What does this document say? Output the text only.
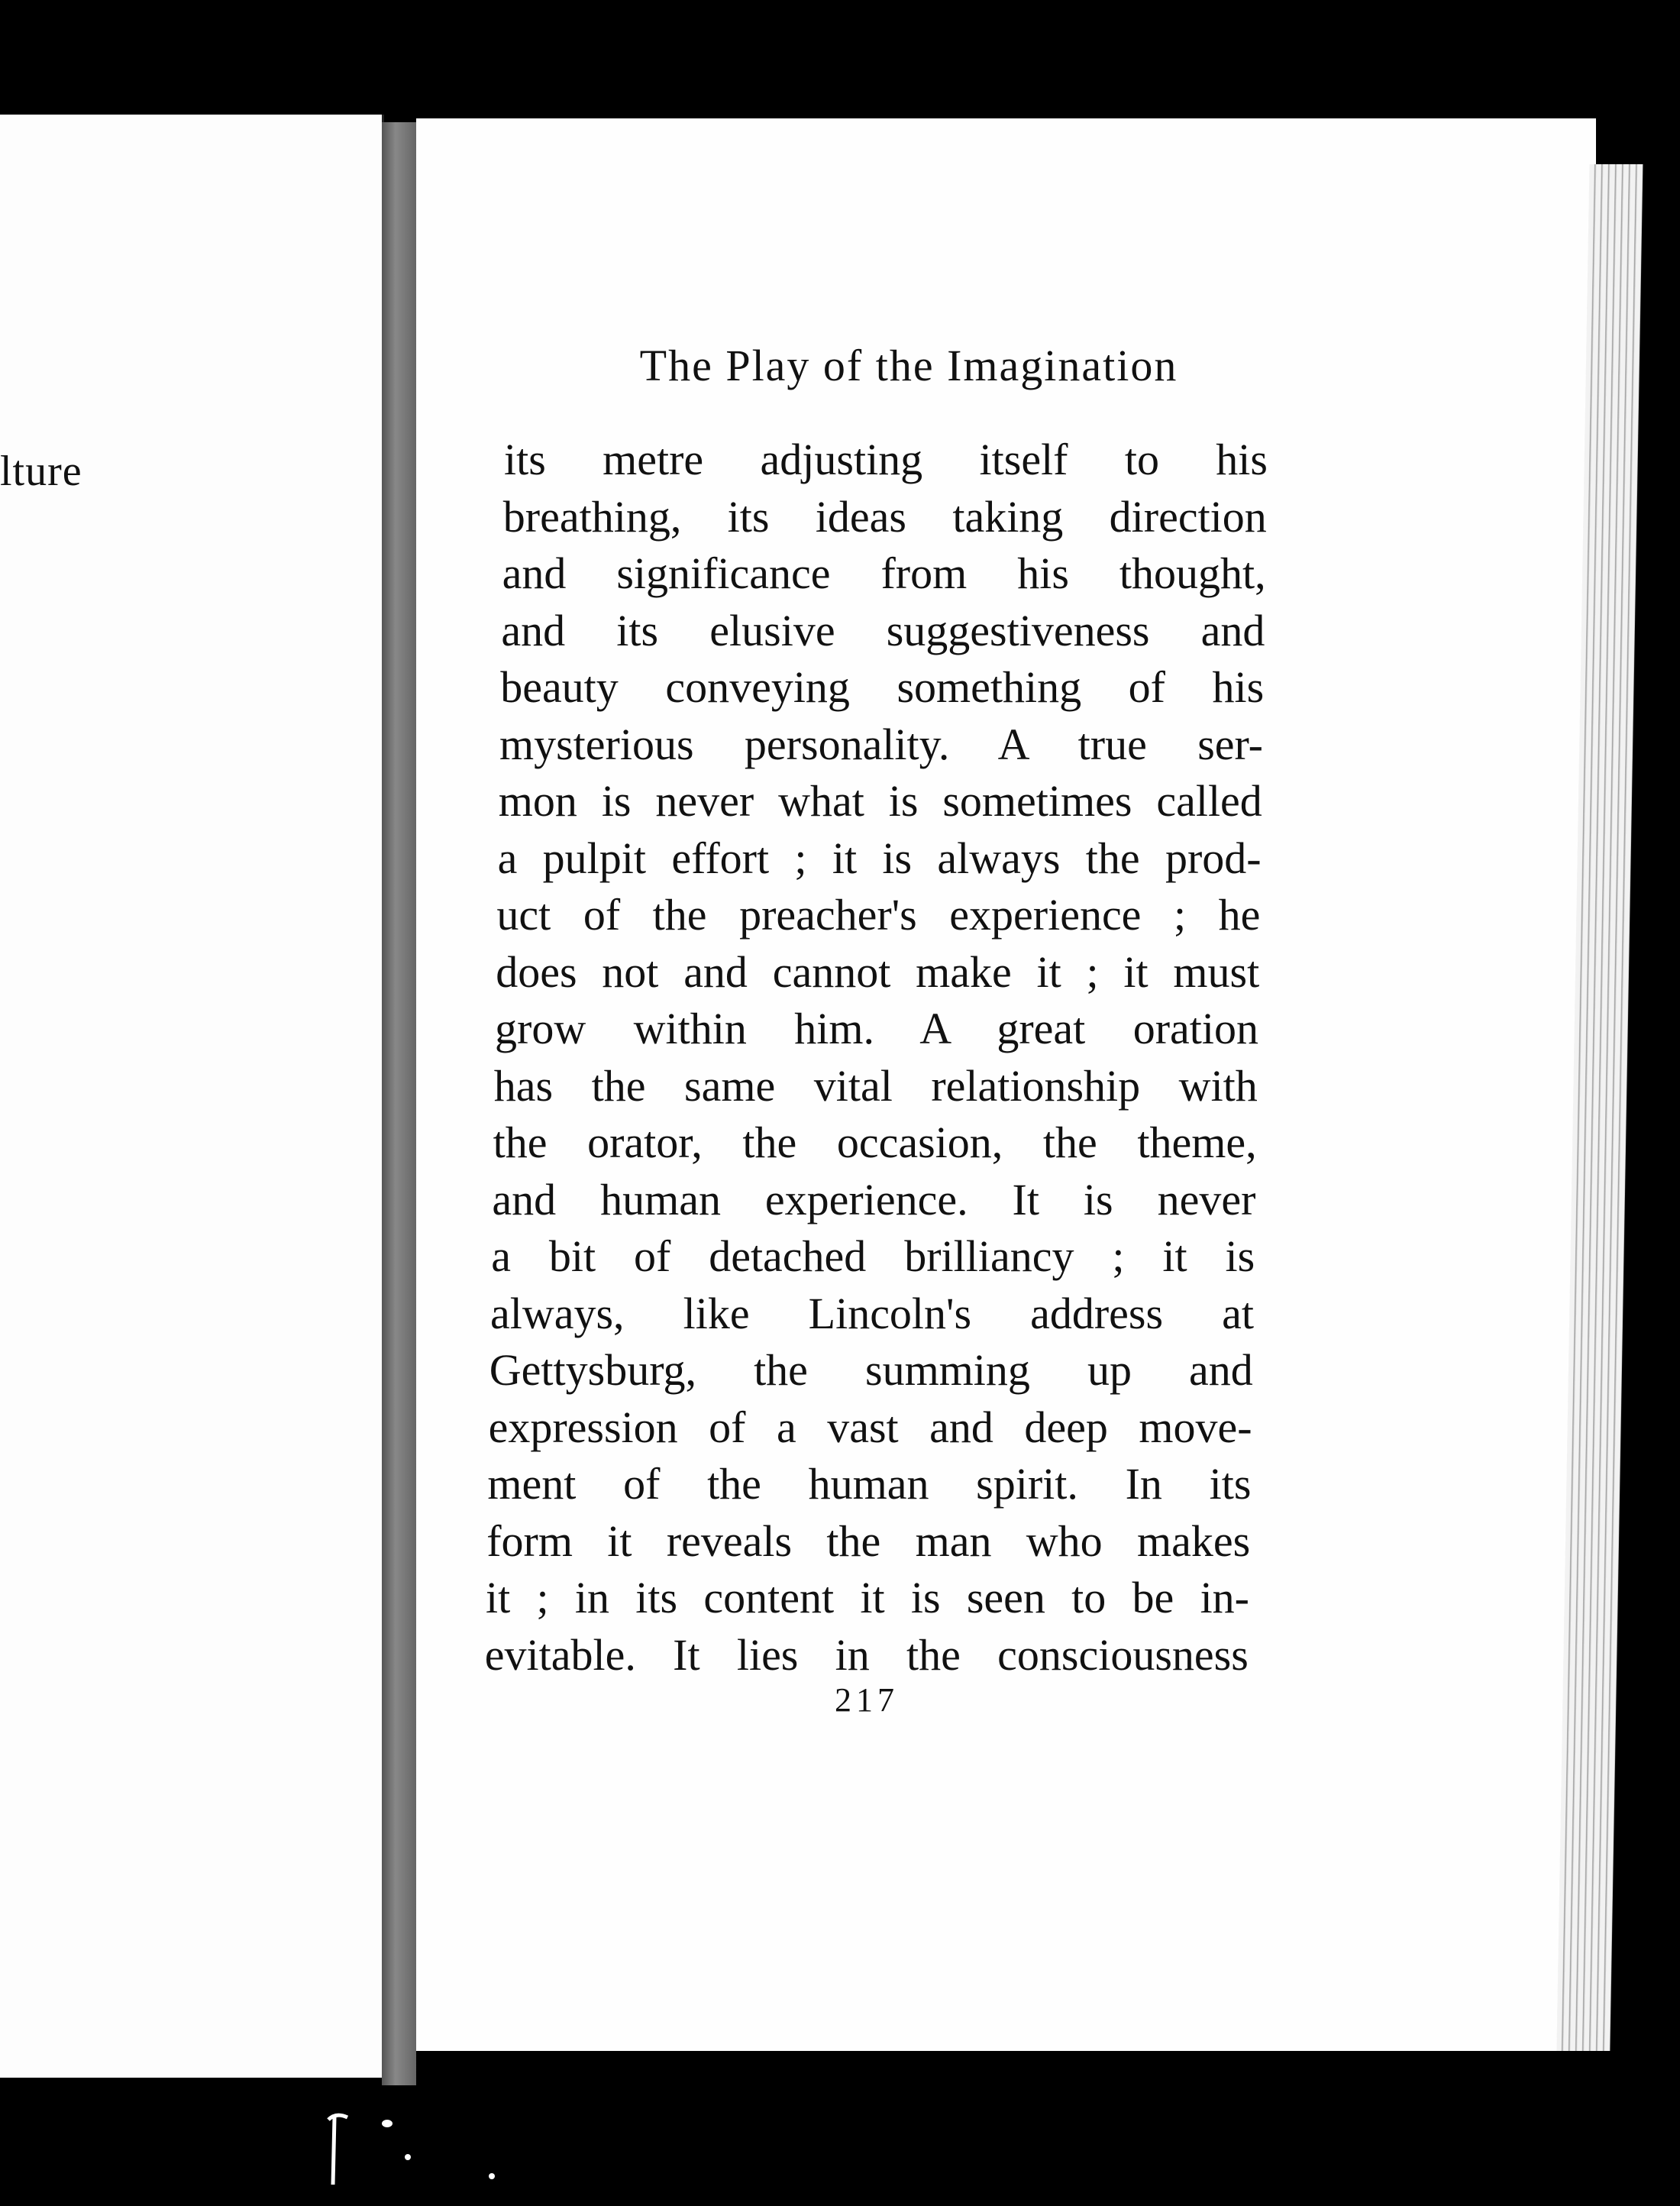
lture
The Play of the Imagination
its metre adjusting itself to his
breathing, its ideas taking direction
and significance from his thought,
and its elusive suggestiveness and
beauty conveying something of his
mysterious personality. A true ser-
mon is never what is sometimes called
a pulpit effort ; it is always the prod-
uct of the preacher's experience ; he
does not and cannot make it ; it must
grow within him. A great oration
has the same vital relationship with
the orator, the occasion, the theme,
and human experience. It is never
a bit of detached brilliancy ; it is
always, like Lincoln's address at
Gettysburg, the summing up and
expression of a vast and deep move-
ment of the human spirit. In its
form it reveals the man who makes
it ; in its content it is seen to be in-
evitable. It lies in the consciousness
217
